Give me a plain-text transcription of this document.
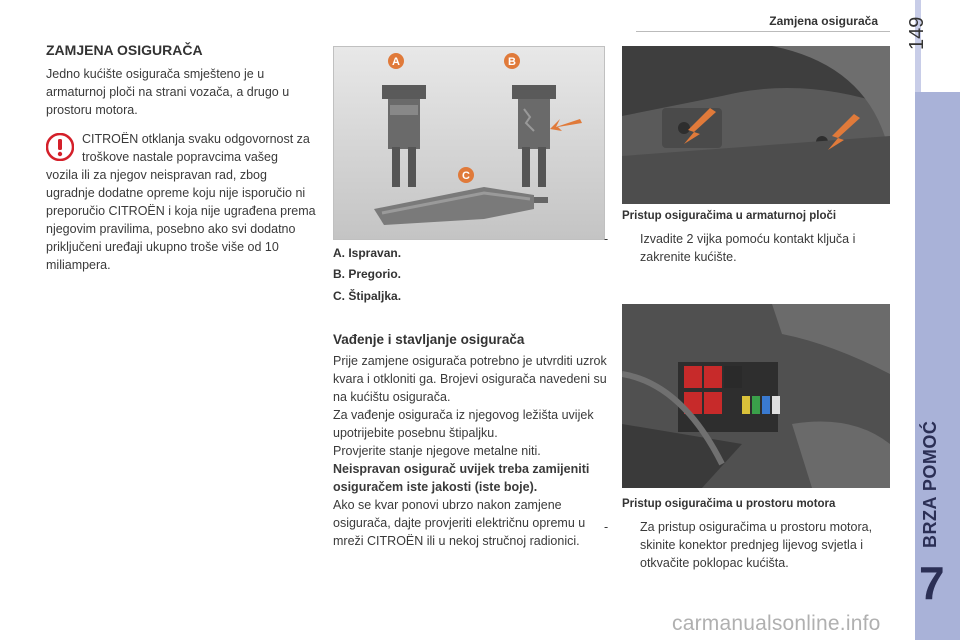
Zamjena osigurača 149
BRZA POMOĆ
7
ZAMJENA OSIGURAČA
Jedno kućište osigurača smješteno je u armaturnoj ploči na strani vozača, a drugo u prostoru motora.
CITROËN otklanja svaku odgovornost za troškove nastale popravcima vašeg
vozila ili za njegov neispravan rad, zbog ugradnje dodatne opreme koju nije isporučio ni preporučio CITROËN i koja nije ugrađena prema njegovim pravilima, posebno ako svi dodatno priključeni uređaji ukupno troše više od 10 miliampera.
A	B
C
A. Ispravan.
B. Pregorio.
C. Štipaljka.
Vađenje i stavljanje osigurača
Prije zamjene osigurača potrebno je utvrditi uzrok kvara i otkloniti ga. Brojevi osigurača navedeni su na kućištu osigurača.
Za vađenje osigurača iz njegovog ležišta uvijek upotrijebite posebnu štipaljku.
Provjerite stanje njegove metalne niti.
Neispravan osigurač uvijek treba zamijeniti osiguračem iste jakosti (iste boje).
Ako se kvar ponovi ubrzo nakon zamjene osigurača, dajte provjeriti električnu opremu u mreži CITROËN ili u nekoj stručnoj radionici.
Pristup osiguračima u armaturnoj ploči
-	Izvadite 2 vijka pomoću kontakt ključa i zakrenite kućište.
Pristup osiguračima u prostoru motora
-	Za pristup osiguračima u prostoru motora, skinite konektor prednjeg lijevog svjetla i otkvačite poklopac kućišta.
carmanualsonline.info
